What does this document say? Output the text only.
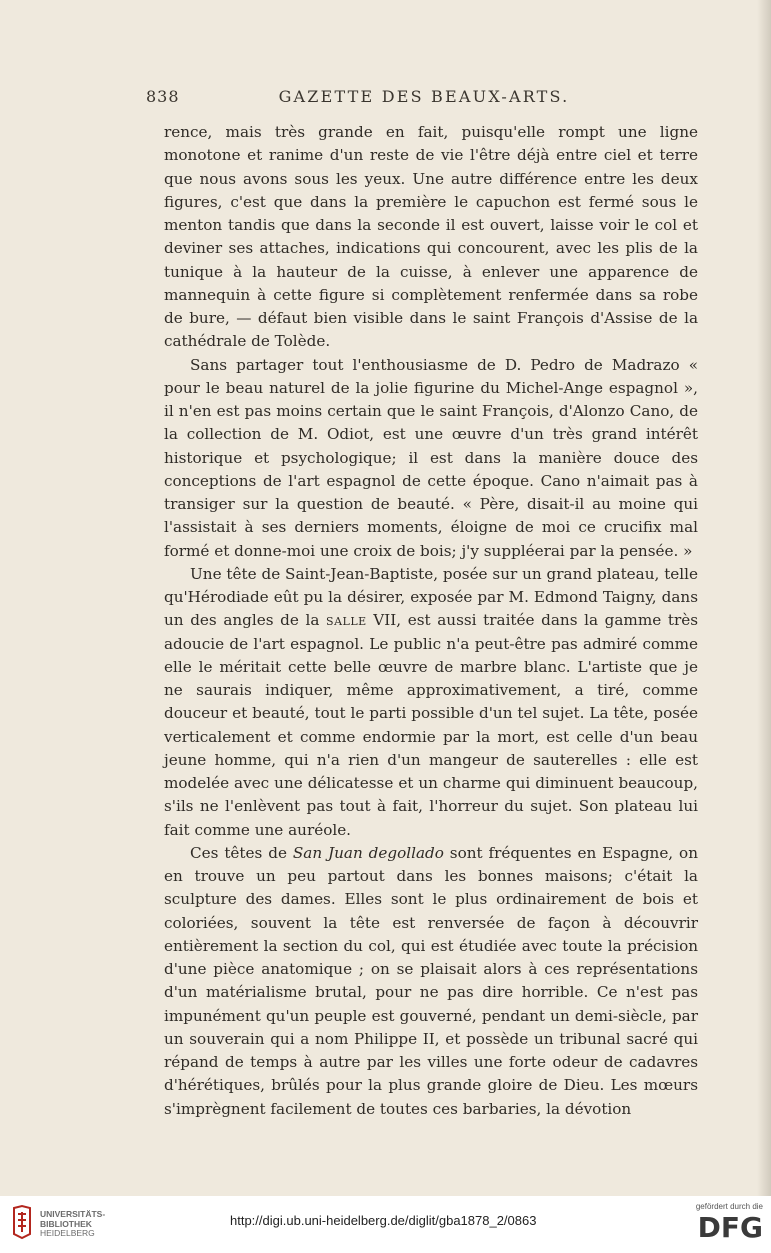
838	GAZETTE DES BEAUX-ARTS.

rence, mais très grande en fait, puisqu'elle rompt une ligne monotone et ranime d'un reste de vie l'être déjà entre ciel et terre que nous avons sous les yeux. Une autre différence entre les deux figures, c'est que dans la première le capuchon est fermé sous le menton tandis que dans la seconde il est ouvert, laisse voir le col et deviner ses attaches, indications qui concourent, avec les plis de la tunique à la hauteur de la cuisse, à enlever une apparence de mannequin à cette figure si complètement renfermée dans sa robe de bure, — défaut bien visible dans le saint François d'Assise de la cathédrale de Tolède.

Sans partager tout l'enthousiasme de D. Pedro de Madrazo « pour le beau naturel de la jolie figurine du Michel-Ange espagnol », il n'en est pas moins certain que le saint François, d'Alonzo Cano, de la collection de M. Odiot, est une œuvre d'un très grand intérêt historique et psychologique; il est dans la manière douce des conceptions de l'art espagnol de cette époque. Cano n'aimait pas à transiger sur la question de beauté. « Père, disait-il au moine qui l'assistait à ses derniers moments, éloigne de moi ce crucifix mal formé et donne-moi une croix de bois; j'y suppléerai par la pensée. »

Une tête de Saint-Jean-Baptiste, posée sur un grand plateau, telle qu'Hérodiade eût pu la désirer, exposée par M. Edmond Taigny, dans un des angles de la salle VII, est aussi traitée dans la gamme très adoucie de l'art espagnol. Le public n'a peut-être pas admiré comme elle le méritait cette belle œuvre de marbre blanc. L'artiste que je ne saurais indiquer, même approximativement, a tiré, comme douceur et beauté, tout le parti possible d'un tel sujet. La tête, posée verticalement et comme endormie par la mort, est celle d'un beau jeune homme, qui n'a rien d'un mangeur de sauterelles : elle est modelée avec une délicatesse et un charme qui diminuent beaucoup, s'ils ne l'enlèvent pas tout à fait, l'horreur du sujet. Son plateau lui fait comme une auréole.

Ces têtes de San Juan degollado sont fréquentes en Espagne, on en trouve un peu partout dans les bonnes maisons; c'était la sculpture des dames. Elles sont le plus ordinairement de bois et coloriées, souvent la tête est renversée de façon à découvrir entièrement la section du col, qui est étudiée avec toute la précision d'une pièce anatomique ; on se plaisait alors à ces représentations d'un matérialisme brutal, pour ne pas dire horrible. Ce n'est pas impunément qu'un peuple est gouverné, pendant un demi-siècle, par un souverain qui a nom Philippe II, et possède un tribunal sacré qui répand de temps à autre par les villes une forte odeur de cadavres d'hérétiques, brûlés pour la plus grande gloire de Dieu. Les mœurs s'imprègnent facilement de toutes ces barbaries, la dévotion

UNIVERSITÄTS-
BIBLIOTHEK
HEIDELBERG
http://digi.ub.uni-heidelberg.de/diglit/gba1878_2/0863
gefördert durch die
DFG
